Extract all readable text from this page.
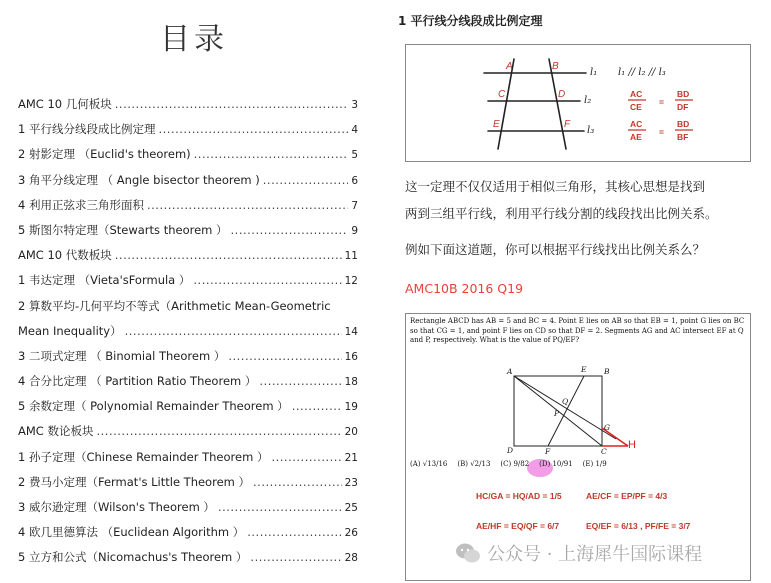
目录
AMC 10 几何板块 .....	3
1 平行线分线段成比例定理 .....	4
2 射影定理 （Euclid's theorem) .....	5
3 角平分线定理 （ Angle bisector theorem ) .....	6
4 利用正弦求三角形面积 .....	7
5 斯图尔特定理（Stewarts theorem ） .....	9
AMC 10 代数板块 .....	11
1 韦达定理 （Vieta'sFormula ） .....	12
2 算数平均-几何平均不等式（Arithmetic Mean-Geometric
Mean Inequality） .....	14
3 二项式定理 （ Binomial Theorem ） .....	16
4 合分比定理 （ Partition Ratio Theorem ） .....	18
5 余数定理（ Polynomial Remainder Theorem ） .....	19
AMC 数论板块 .....	20
1 孙子定理（Chinese Remainder Theorem ） .....	21
2 费马小定理（Fermat's Little Theorem ） .....	23
3 威尔逊定理（Wilson's Theorem ） .....	25
4 欧几里德算法 （Euclidean Algorithm ） .....	26
5 立方和公式（Nicomachus's Theorem ） .....	28
1 平行线分线段成比例定理
A	B
C	D
E	F
l₁
l₂
l₃
l₁ // l₂ // l₃
AC
CE =
BD
DF
AC
AE =
BD
BF
这一定理不仅仅适用于相似三角形，其核心思想是找到
两到三组平行线，利用平行线分割的线段找出比例关系。
例如下面这道题，你可以根据平行线找出比例关系么？
AMC10B 2016 Q19
Rectangle ABCD has AB = 5 and BC = 4. Point E lies on AB so that EB = 1, point G lies on BC
so that CG = 1, and point F lies on CD so that DF = 2. Segments AG and AC intersect EF at Q
and P, respectively. What is the value of PQ/EF?
A	E B
Q
P
G
D	F	C
H
HC/GA = HQ/AD = 1/5	AE/CF = EP/PF = 4/3
AE/HF = EQ/QF = 6/7	EQ/EF = 6/13 , PF/FE = 3/7
(A) √13/16 (B) √2/13 (C) 9/82 (D) 10/91 (E) 1/9
公众号 · 上海犀牛国际课程
